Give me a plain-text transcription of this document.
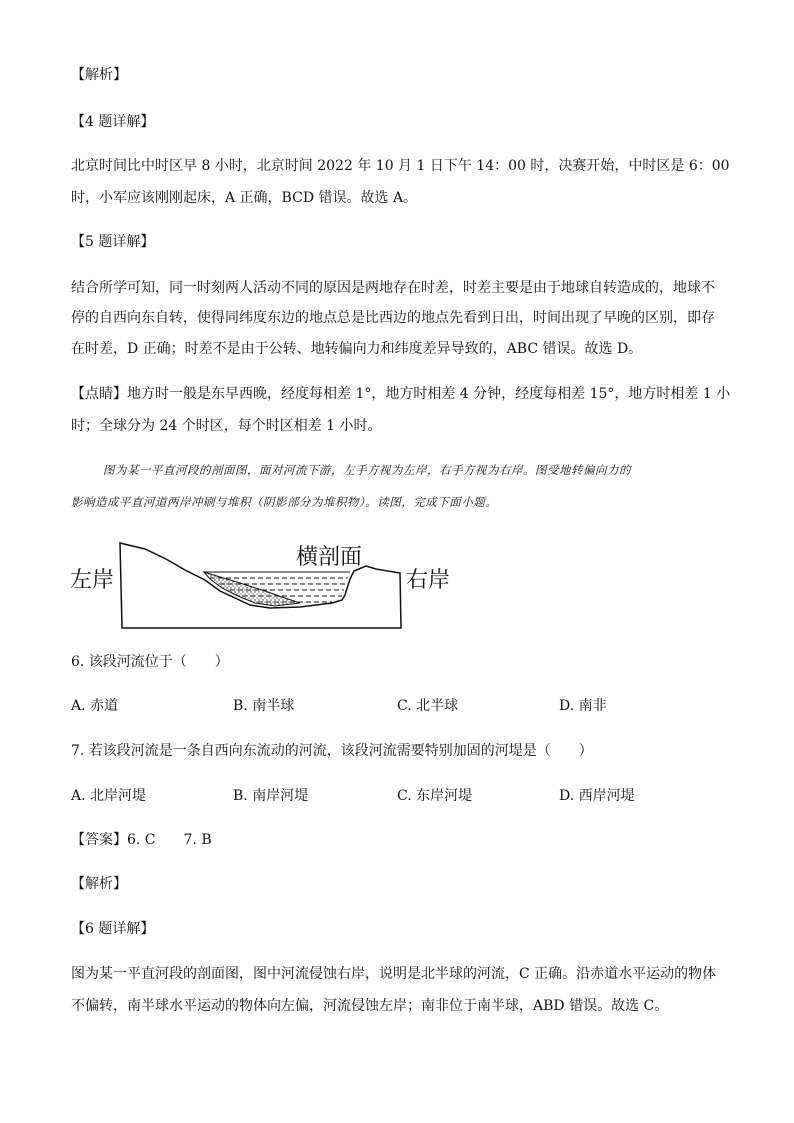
【解析】
【4 题详解】
北京时间比中时区早 8 小时，北京时间 2022 年 10 月 1 日下午 14：00 时，决赛开始，中时区是 6：00
时，小军应该刚刚起床，A 正确，BCD 错误。故选 A。
【5 题详解】
结合所学可知，同一时刻两人活动不同的原因是两地存在时差，时差主要是由于地球自转造成的，地球不
停的自西向东自转，使得同纬度东边的地点总是比西边的地点先看到日出，时间出现了早晚的区别，即存
在时差，D 正确；时差不是由于公转、地转偏向力和纬度差异导致的，ABC 错误。故选 D。
【点睛】地方时一般是东早西晚，经度每相差 1°，地方时相差 4 分钟，经度每相差 15°，地方时相差 1 小
时；全球分为 24 个时区，每个时区相差 1 小时。
图为某一平直河段的剖面图，面对河流下游，左手方视为左岸，右手方视为右岸。图受地转偏向力的
影响造成平直河道两岸冲刷与堆积（阴影部分为堆积物）。读图，完成下面小题。
左岸	右岸
横剖面
6. 该段河流位于（　　）
A. 赤道	B. 南半球	C. 北半球	D. 南非
7. 若该段河流是一条自西向东流动的河流，该段河流需要特别加固的河堤是（　　）
A. 北岸河堤	B. 南岸河堤	C. 东岸河堤	D. 西岸河堤
【答案】6. C　　7. B
【解析】
【6 题详解】
图为某一平直河段的剖面图，图中河流侵蚀右岸，说明是北半球的河流，C 正确。沿赤道水平运动的物体
不偏转，南半球水平运动的物体向左偏，河流侵蚀左岸；南非位于南半球，ABD 错误。故选 C。
